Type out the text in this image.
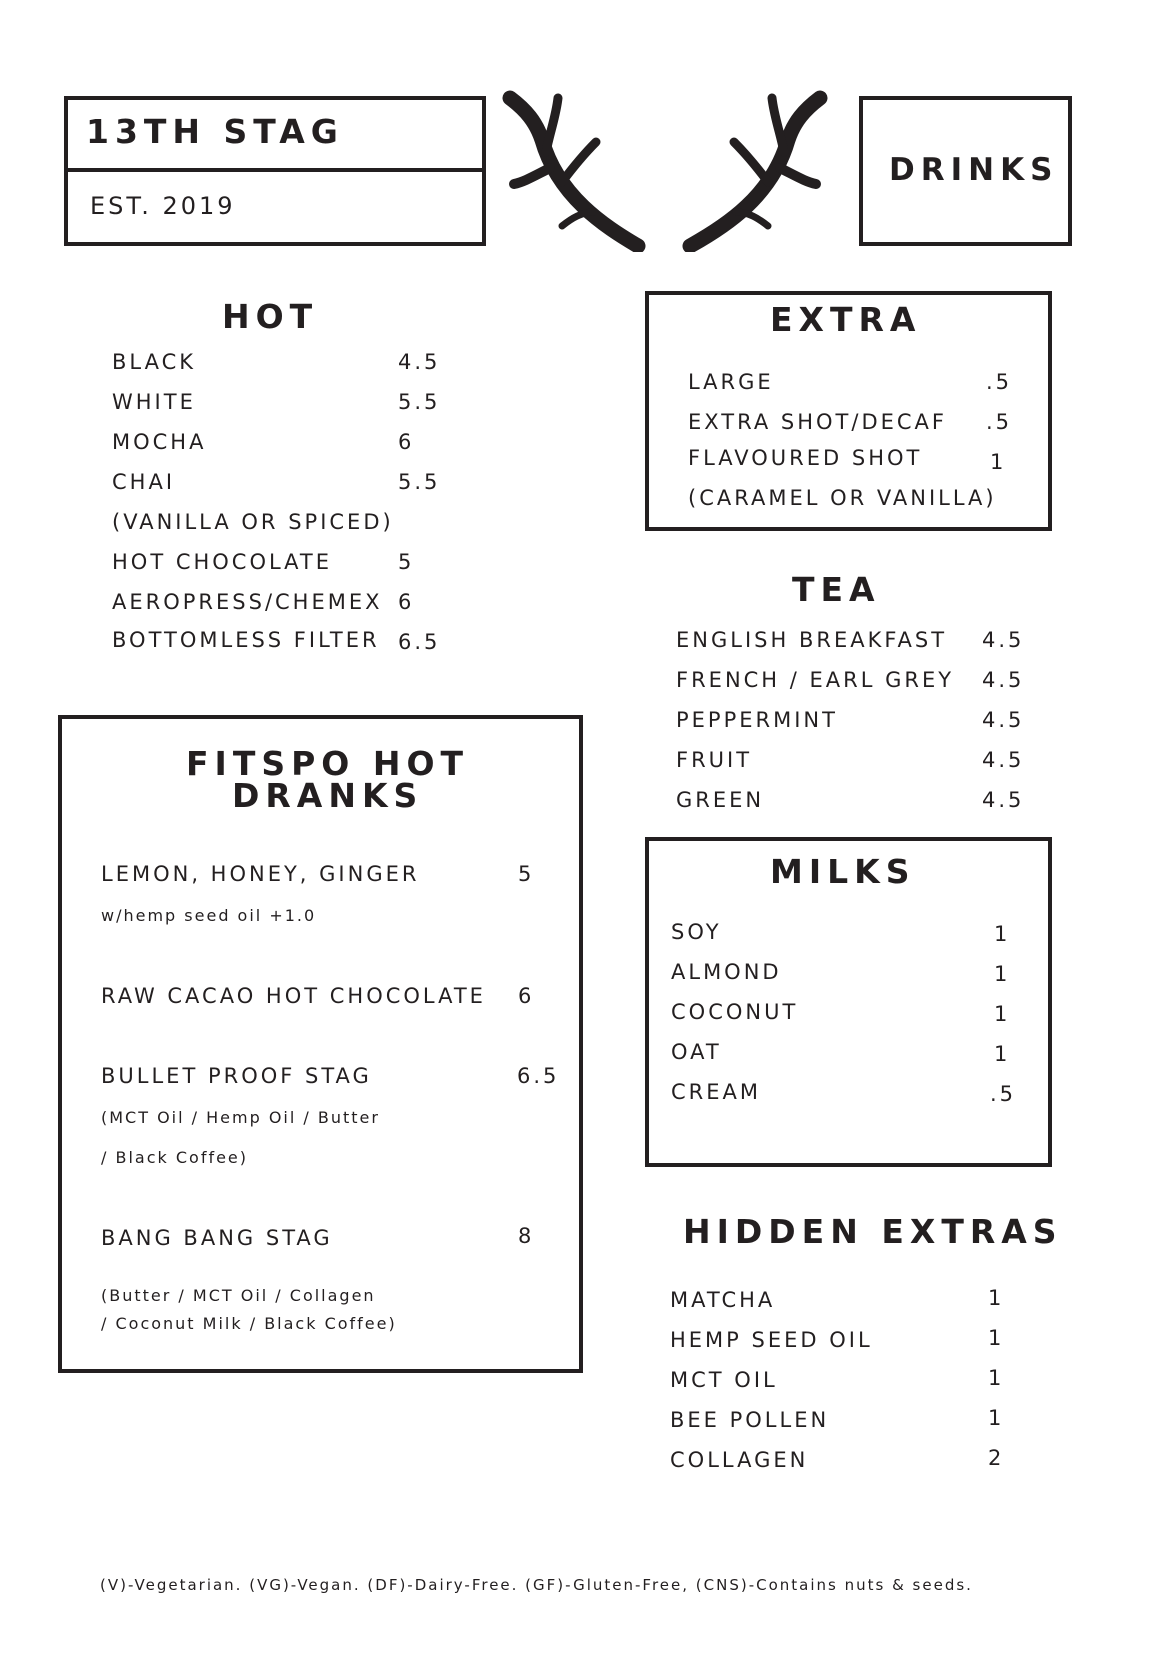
13TH STAG
EST. 2019
DRINKS
HOT
BLACK	4.5
WHITE	5.5
MOCHA	6
CHAI	5.5
(VANILLA OR SPICED)
HOT CHOCOLATE	5
AEROPRESS/CHEMEX 6
BOTTOMLESS FILTER 6.5
FITSPO HOT
DRANKS
LEMON, HONEY, GINGER	5
w/hemp seed oil +1.0
RAW CACAO HOT CHOCOLATE 6
BULLET PROOF STAG	6.5
(MCT Oil / Hemp Oil / Butter
/ Black Coffee)
BANG BANG STAG	8
(Butter / MCT Oil / Collagen
/ Coconut Milk / Black Coffee)
EXTRA
LARGE	.5
EXTRA SHOT/DECAF .5
FLAVOURED SHOT	1
(CARAMEL OR VANILLA)
TEA
ENGLISH BREAKFAST 4.5
FRENCH / EARL GREY 4.5
PEPPERMINT	4.5
FRUIT	4.5
GREEN	4.5
MILKS
SOY	1
ALMOND	1
COCONUT	1
OAT	1
CREAM	.5
HIDDEN EXTRAS
MATCHA	1
HEMP SEED OIL	1
MCT OIL	1
BEE POLLEN	1
COLLAGEN	2
(V)-Vegetarian. (VG)-Vegan. (DF)-Dairy-Free. (GF)-Gluten-Free, (CNS)-Contains nuts & seeds.
